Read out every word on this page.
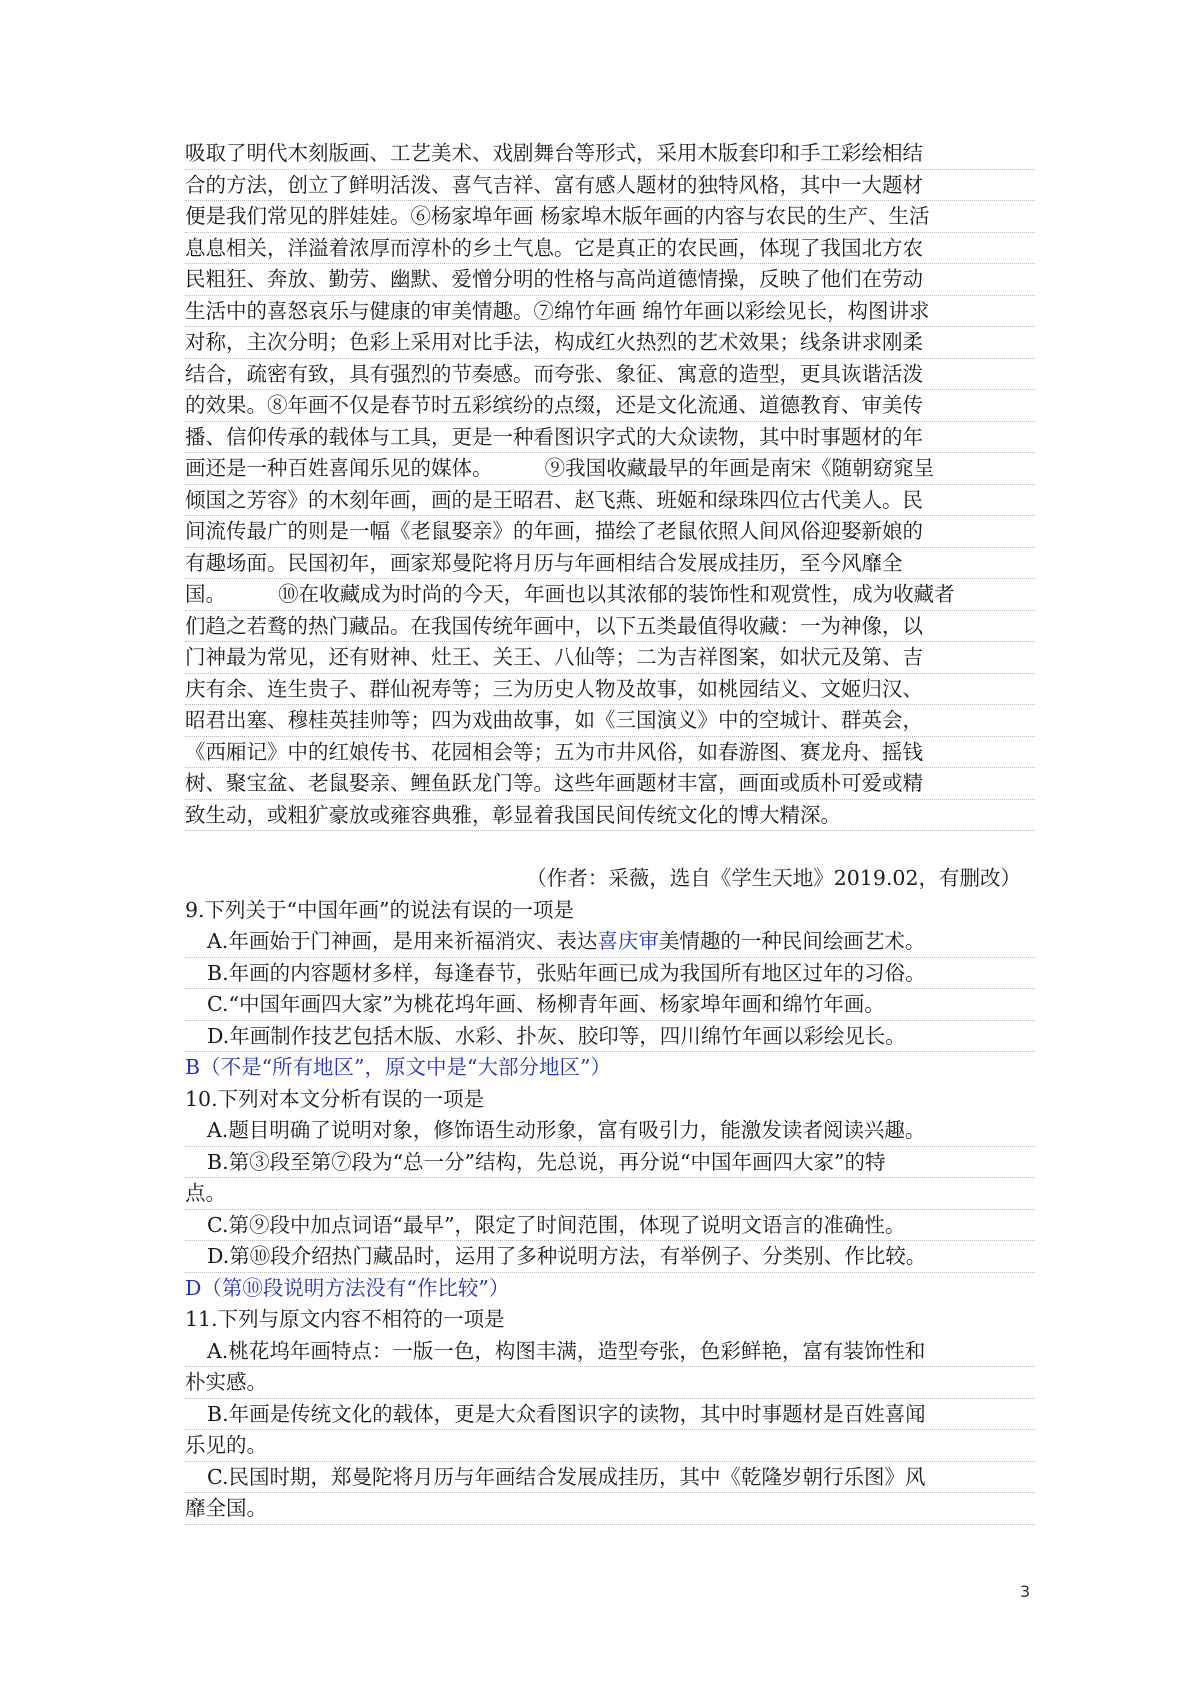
吸取了明代木刻版画、工艺美术、戏剧舞台等形式，采用木版套印和手工彩绘相结
合的方法，创立了鲜明活泼、喜气吉祥、富有感人题材的独特风格，其中一大题材
便是我们常见的胖娃娃。⑥杨家埠年画 杨家埠木版年画的内容与农民的生产、生活
息息相关，洋溢着浓厚而淳朴的乡土气息。它是真正的农民画，体现了我国北方农
民粗狂、奔放、勤劳、幽默、爱憎分明的性格与高尚道德情操，反映了他们在劳动
生活中的喜怒哀乐与健康的审美情趣。⑦绵竹年画 绵竹年画以彩绘见长，构图讲求
对称，主次分明；色彩上采用对比手法，构成红火热烈的艺术效果；线条讲求刚柔
结合，疏密有致，具有强烈的节奏感。而夸张、象征、寓意的造型，更具诙谐活泼
的效果。⑧年画不仅是春节时五彩缤纷的点缀，还是文化流通、道德教育、审美传
播、信仰传承的载体与工具，更是一种看图识字式的大众读物，其中时事题材的年
画还是一种百姓喜闻乐见的媒体。        ⑨我国收藏最早的年画是南宋《随朝窈窕呈
倾国之芳容》的木刻年画，画的是王昭君、赵飞燕、班姬和绿珠四位古代美人。民
间流传最广的则是一幅《老鼠娶亲》的年画，描绘了老鼠依照人间风俗迎娶新娘的
有趣场面。民国初年，画家郑曼陀将月历与年画相结合发展成挂历，至今风靡全
国。        ⑩在收藏成为时尚的今天，年画也以其浓郁的装饰性和观赏性，成为收藏者
们趋之若鹜的热门藏品。在我国传统年画中，以下五类最值得收藏：一为神像，以
门神最为常见，还有财神、灶王、关王、八仙等；二为吉祥图案，如状元及第、吉
庆有余、连生贵子、群仙祝寿等；三为历史人物及故事，如桃园结义、文姬归汉、
昭君出塞、穆桂英挂帅等；四为戏曲故事，如《三国演义》中的空城计、群英会，
《西厢记》中的红娘传书、花园相会等；五为市井风俗，如春游图、赛龙舟、摇钱
树、聚宝盆、老鼠娶亲、鲤鱼跃龙门等。这些年画题材丰富，画面或质朴可爱或精
致生动，或粗犷豪放或雍容典雅，彰显着我国民间传统文化的博大精深。
（作者：采薇，选自《学生天地》2019.02，有删改）
9.下列关于“中国年画”的说法有误的一项是
A.年画始于门神画，是用来祈福消灾、表达喜庆审美情趣的一种民间绘画艺术。
B.年画的内容题材多样，每逢春节，张贴年画已成为我国所有地区过年的习俗。
C.“中国年画四大家”为桃花坞年画、杨柳青年画、杨家埠年画和绵竹年画。
D.年画制作技艺包括木版、水彩、扑灰、胶印等，四川绵竹年画以彩绘见长。
B（不是“所有地区”，原文中是“大部分地区”）
10.下列对本文分析有误的一项是
A.题目明确了说明对象，修饰语生动形象，富有吸引力，能激发读者阅读兴趣。
B.第③段至第⑦段为“总一分”结构，先总说，再分说“中国年画四大家”的特
点。
C.第⑨段中加点词语“最早”，限定了时间范围，体现了说明文语言的准确性。
D.第⑩段介绍热门藏品时，运用了多种说明方法，有举例子、分类别、作比较。
D（第⑩段说明方法没有“作比较”）
11.下列与原文内容不相符的一项是
A.桃花坞年画特点：一版一色，构图丰满，造型夸张，色彩鲜艳，富有装饰性和
朴实感。
B.年画是传统文化的载体，更是大众看图识字的读物，其中时事题材是百姓喜闻
乐见的。
C.民国时期，郑曼陀将月历与年画结合发展成挂历，其中《乾隆岁朝行乐图》风
靡全国。
3
